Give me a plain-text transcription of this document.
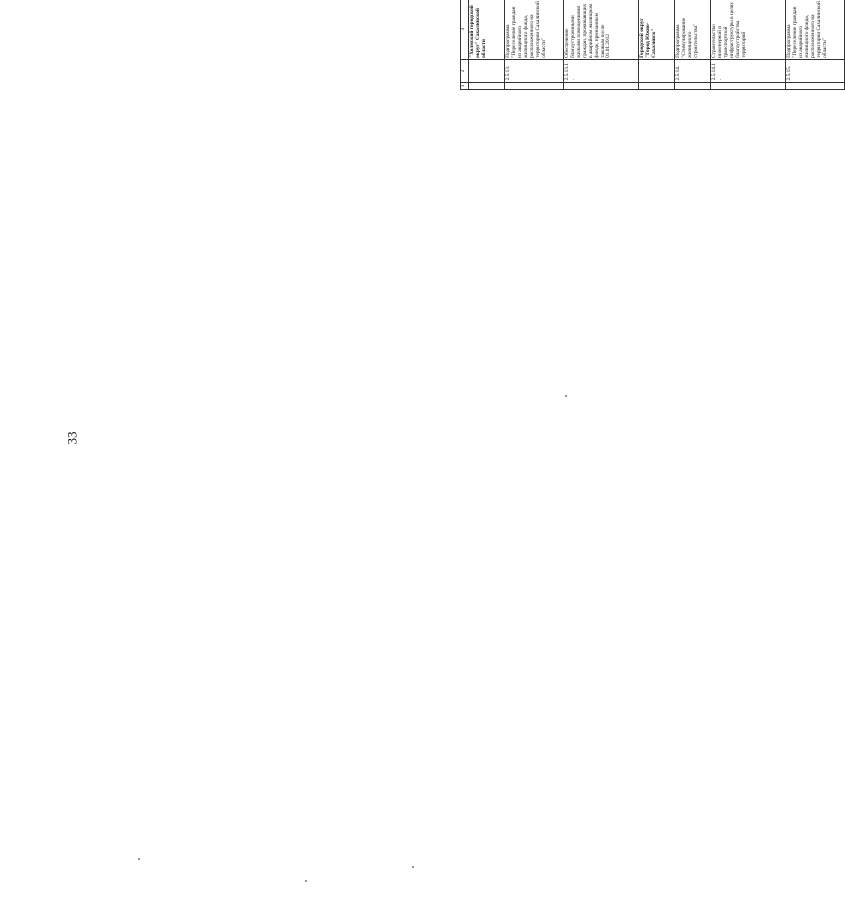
33
1	2	3																		
		"Холмский городской округ" Сахалинской области																		
	2.5.13.	Подпрограмма "Переселение граждан из аварийного жилищного фонда, расположенного на территории Сахалинской области"																		
	2.5.13.1.	Обеспечение благоустроенными жилыми помещениями граждан, проживающих в аварийном жилищном фонде, признанным таковым после 01.01.2012																		
		Городской округ "Город Южно-Сахалинск"																		
	2.5.14.	Подпрограмма "Стимулирование жилищного строительства"																		
	2.5.14.1.	Строительство инженерной и транспортной инфраструктуры в целях благоустройства территорий																		
	2.5.15.	Подпрограмма "Переселение граждан из аварийного жилищного фонда, расположенного на территории Сахалинской области"																		
